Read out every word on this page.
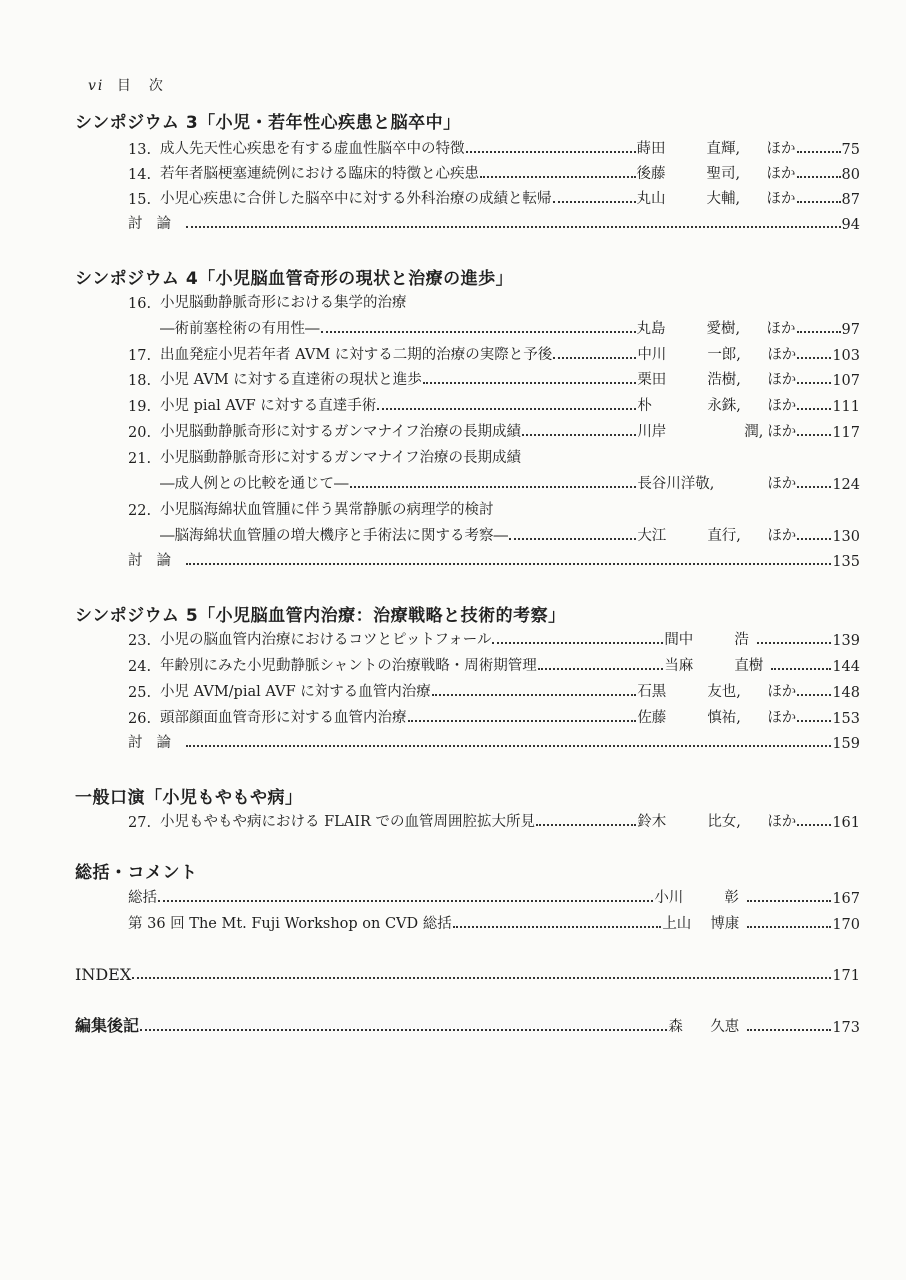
vi 目　次
シンポジウム 3「小児・若年性心疾患と脳卒中」
13. 成人先天性心疾患を有する虚血性脳卒中の特徴	蒔田	直輝,	ほか	75
14. 若年者脳梗塞連続例における臨床的特徴と心疾患	後藤	聖司,	ほか	80
15. 小児心疾患に合併した脳卒中に対する外科治療の成績と転帰	丸山	大輔,	ほか	87
討論	94
シンポジウム 4「小児脳血管奇形の現状と治療の進歩」
16. 小児脳動静脈奇形における集学的治療
―術前塞栓術の有用性―	丸島	愛樹,	ほか	97
17. 出血発症小児若年者 AVM に対する二期的治療の実際と予後	中川	一郎,	ほか 103
18. 小児 AVM に対する直達術の現状と進歩	栗田	浩樹,	ほか 107
19. 小児 pial AVF に対する直達手術	朴	永銖,	ほか 111
20. 小児脳動静脈奇形に対するガンマナイフ治療の長期成績	川岸	潤, ほか 117
21. 小児脳動静脈奇形に対するガンマナイフ治療の長期成績
―成人例との比較を通じて―	長谷川洋敬,	ほか 124
22. 小児脳海綿状血管腫に伴う異常静脈の病理学的検討
―脳海綿状血管腫の増大機序と手術法に関する考察―	大江	直行,	ほか 130
討論	135
シンポジウム 5「小児脳血管内治療：治療戦略と技術的考察」
23. 小児の脳血管内治療におけるコツとピットフォール	間中	浩	139
24. 年齢別にみた小児動静脈シャントの治療戦略・周術期管理	当麻	直樹	144
25. 小児 AVM/pial AVF に対する血管内治療	石黒	友也,	ほか 148
26. 頭部顔面血管奇形に対する血管内治療	佐藤	慎祐,	ほか 153
討論	159
一般口演「小児もやもや病」
27. 小児もやもや病における FLAIR での血管周囲腔拡大所見	鈴木	比女,	ほか 161
総括・コメント
総括	小川	彰	167
第 36 回 The Mt. Fuji Workshop on CVD 総括	上山	博康	170
INDEX	171
編集後記	森	久恵	173
